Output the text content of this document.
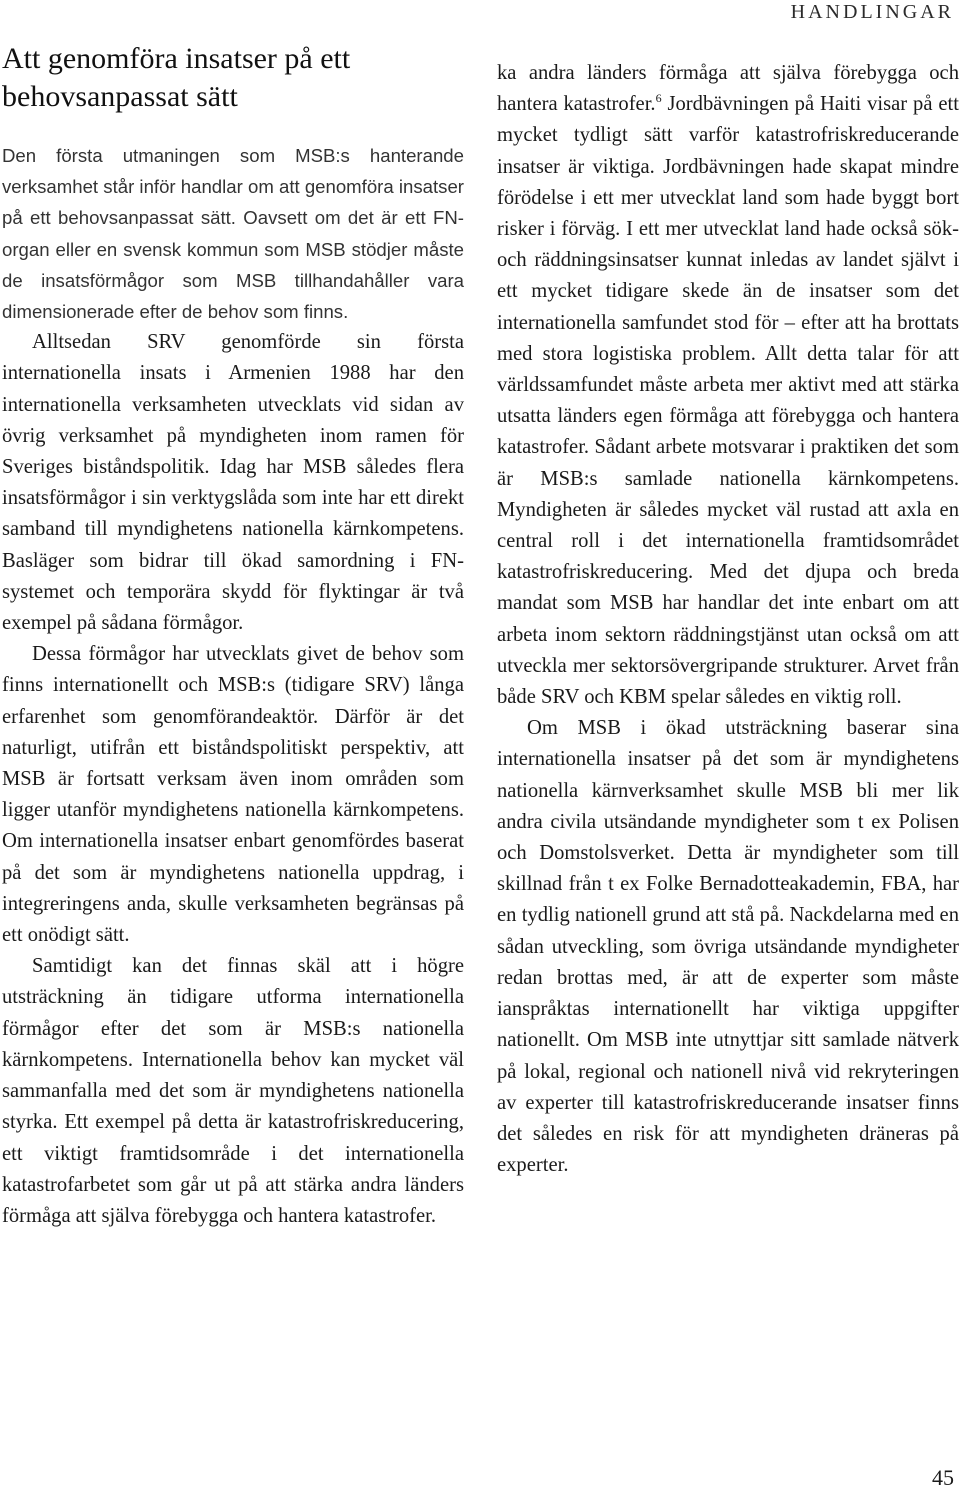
HANDLINGAR
Att genomföra insatser på ett behovsanpassat sätt

Den första utmaningen som MSB:s hanterande verksamhet står inför handlar om att genomföra insatser på ett behovsanpassat sätt. Oavsett om det är ett FN-organ eller en svensk kommun som MSB stödjer måste de insatsförmågor som MSB tillhandahåller vara dimensionerade efter de behov som finns.

Alltsedan SRV genomförde sin första internationella insats i Armenien 1988 har den internationella verksamheten utvecklats vid sidan av övrig verksamhet på myndigheten inom ramen för Sveriges biståndspolitik. Idag har MSB således flera insatsförmågor i sin verktygslåda som inte har ett direkt samband till myndighetens nationella kärnkompetens. Basläger som bidrar till ökad samordning i FN-systemet och temporära skydd för flyktingar är två exempel på sådana förmågor.

Dessa förmågor har utvecklats givet de behov som finns internationellt och MSB:s (tidigare SRV) långa erfarenhet som genomförandeaktör. Därför är det naturligt, utifrån ett biståndspolitiskt perspektiv, att MSB är fortsatt verksam även inom områden som ligger utanför myndighetens nationella kärnkompetens. Om internationella insatser enbart genomfördes baserat på det som är myndighetens nationella uppdrag, i integreringens anda, skulle verksamheten begränsas på ett onödigt sätt.

Samtidigt kan det finnas skäl att i högre utsträckning än tidigare utforma internationella förmågor efter det som är MSB:s nationella kärnkompetens. Internationella behov kan mycket väl sammanfalla med det som är myndighetens nationella styrka. Ett exempel på detta är katastrofriskreducering, ett viktigt framtidsområde i det internationella katastrofarbetet som går ut på att stärka andra länders förmåga att själva förebygga och hantera katastrofer.

ka andra länders förmåga att själva förebygga och hantera katastrofer.$^6$ Jordbävningen på Haiti visar på ett mycket tydligt sätt varför katastrofriskreducerande insatser är viktiga. Jordbävningen hade skapat mindre förödelse i ett mer utvecklat land som hade byggt bort risker i förväg. I ett mer utvecklat land hade också sök- och räddningsinsatser kunnat inledas av landet självt i ett mycket tidigare skede än de insatser som det internationella samfundet stod för – efter att ha brottats med stora logistiska problem. Allt detta talar för att världssamfundet måste arbeta mer aktivt med att stärka utsatta länders egen förmåga att förebygga och hantera katastrofer. Sådant arbete motsvarar i praktiken det som är MSB:s samlade nationella kärnkompetens. Myndigheten är således mycket väl rustad att axla en central roll i det internationella framtidsområdet katastrofriskreducering. Med det djupa och breda mandat som MSB har handlar det inte enbart om att arbeta inom sektorn räddningstjänst utan också om att utveckla mer sektorsövergripande strukturer. Arvet från både SRV och KBM spelar således en viktig roll.

Om MSB i ökad utsträckning baserar sina internationella insatser på det som är myndighetens nationella kärnverksamhet skulle MSB bli mer lik andra civila utsändande myndigheter som t ex Polisen och Domstolsverket. Detta är myndigheter som till skillnad från t ex Folke Bernadotteakademin, FBA, har en tydlig nationell grund att stå på. Nackdelarna med en sådan utveckling, som övriga utsändande myndigheter redan brottas med, är att de experter som måste ianspråktas internationellt har viktiga uppgifter nationellt. Om MSB inte utnyttjar sitt samlade nätverk på lokal, regional och nationell nivå vid rekryteringen av experter till katastrofriskreducerande insatser finns det således en risk för att myndigheten dräneras på experter.

45
